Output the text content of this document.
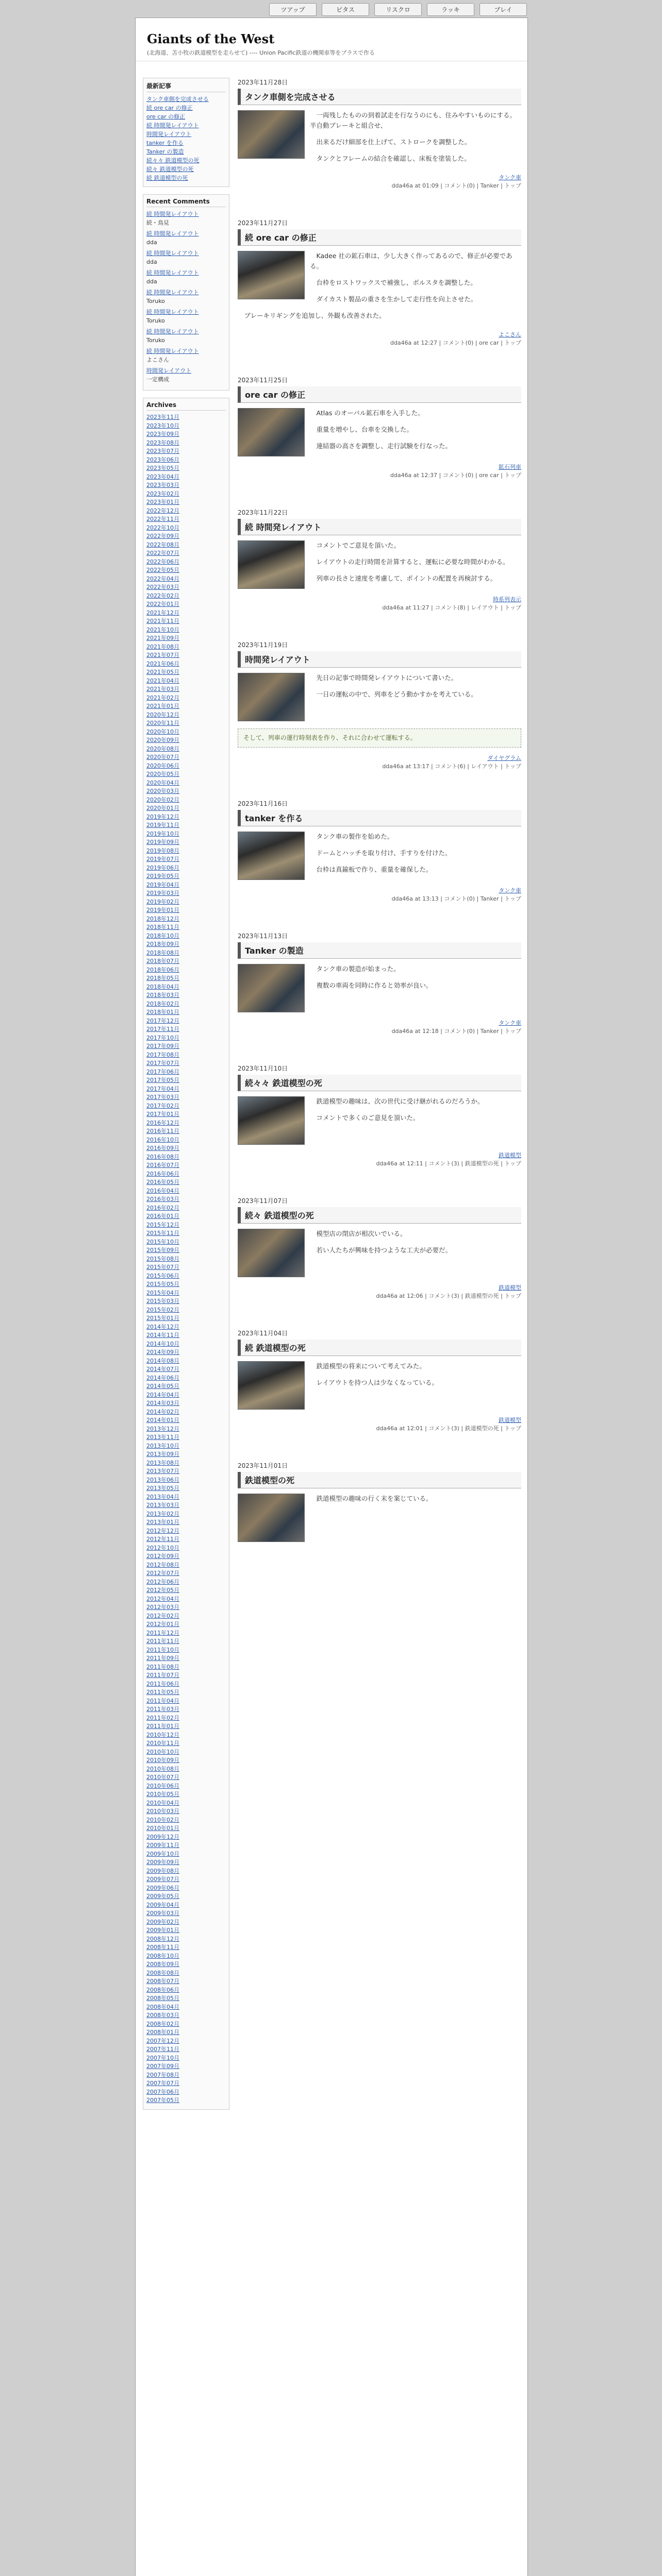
ツアップ	ピタス	リスクロ	ラッキ	ブレイ
Giants of the West
(北海道、苫小牧の鉄道模型を走らせて) ---- Union Pacific鉄道の機関車等をブラスで作る
最新記事
タンク車側を完成させる
続 ore car の修正
ore car の修正
続 時間発レイアウト
時間発レイアウト
tanker を作る
Tanker の製造
続々々 鉄道模型の死
続々 鉄道模型の死
続 鉄道模型の死
Recent Comments
続 時間発レイアウト
続・鳥見
続 時間発レイアウト
dda
続 時間発レイアウト
dda
続 時間発レイアウト
dda
続 時間発レイアウト
Toruko
続 時間発レイアウト
Toruko
続 時間発レイアウト
Toruko
続 時間発レイアウト
よこさん
時間発レイアウト
一定構成
Archives
2023年11月
2023年10月
2023年09月
2023年08月
2023年07月
2023年06月
2023年05月
2023年04月
2023年03月
2023年02月
2023年01月
2022年12月
2022年11月
2022年10月
2022年09月
2022年08月
2022年07月
2022年06月
2022年05月
2022年04月
2022年03月
2022年02月
2022年01月
2021年12月
2021年11月
2021年10月
2021年09月
2021年08月
2021年07月
2021年06月
2021年05月
2021年04月
2021年03月
2021年02月
2021年01月
2020年12月
2020年11月
2020年10月
2020年09月
2020年08月
2020年07月
2020年06月
2020年05月
2020年04月
2020年03月
2020年02月
2020年01月
2019年12月
2019年11月
2019年10月
2019年09月
2019年08月
2019年07月
2019年06月
2019年05月
2019年04月
2019年03月
2019年02月
2019年01月
2018年12月
2018年11月
2018年10月
2018年09月
2018年08月
2018年07月
2018年06月
2018年05月
2018年04月
2018年03月
2018年02月
2018年01月
2017年12月
2017年11月
2017年10月
2017年09月
2017年08月
2017年07月
2017年06月
2017年05月
2017年04月
2017年03月
2017年02月
2017年01月
2016年12月
2016年11月
2016年10月
2016年09月
2016年08月
2016年07月
2016年06月
2016年05月
2016年04月
2016年03月
2016年02月
2016年01月
2015年12月
2015年11月
2015年10月
2015年09月
2015年08月
2015年07月
2015年06月
2015年05月
2015年04月
2015年03月
2015年02月
2015年01月
2014年12月
2014年11月
2014年10月
2014年09月
2014年08月
2014年07月
2014年06月
2014年05月
2014年04月
2014年03月
2014年02月
2014年01月
2013年12月
2013年11月
2013年10月
2013年09月
2013年08月
2013年07月
2013年06月
2013年05月
2013年04月
2013年03月
2013年02月
2013年01月
2012年12月
2012年11月
2012年10月
2012年09月
2012年08月
2012年07月
2012年06月
2012年05月
2012年04月
2012年03月
2012年02月
2012年01月
2011年12月
2011年11月
2011年10月
2011年09月
2011年08月
2011年07月
2011年06月
2011年05月
2011年04月
2011年03月
2011年02月
2011年01月
2010年12月
2010年11月
2010年10月
2010年09月
2010年08月
2010年07月
2010年06月
2010年05月
2010年04月
2010年03月
2010年02月
2010年01月
2009年12月
2009年11月
2009年10月
2009年09月
2009年08月
2009年07月
2009年06月
2009年05月
2009年04月
2009年03月
2009年02月
2009年01月
2008年12月
2008年11月
2008年10月
2008年09月
2008年08月
2008年07月
2008年06月
2008年05月
2008年04月
2008年03月
2008年02月
2008年01月
2007年12月
2007年11月
2007年10月
2007年09月
2007年08月
2007年07月
2007年06月
2007年05月
2023年11月28日
タンク車側を完成させる

一両残したものの到着試走を行なうのにも、住みやすいものにする。半自動ブレーキと組合せ、

出来るだけ細部を仕上げて、ストロークを調整した。

タンクとフレームの結合を確認し、床板を塗装した。

タンク車
dda46a at 01:09 | コメント(0) | Tanker | トップ
2023年11月27日
続 ore car の修正

Kadee 社の鉱石車は、少し大きく作ってあるので、修正が必要である。

台枠をロストワックスで補強し、ボルスタを調整した。

ダイカスト製品の重さを生かして走行性を向上させた。

ブレーキリギングを追加し、外観も改善された。

よこさん
dda46a at 12:27 | コメント(0) | ore car | トップ
2023年11月25日
ore car の修正

Atlas のオーバル鉱石車を入手した。

重量を増やし、台車を交換した。

連結器の高さを調整し、走行試験を行なった。

鉱石列車
dda46a at 12:37 | コメント(0) | ore car | トップ
2023年11月22日
続 時間発レイアウト

コメントでご意見を頂いた。

レイアウトの走行時間を計算すると、運転に必要な時間がわかる。

列車の長さと速度を考慮して、ポイントの配置を再検討する。

時系列表示
dda46a at 11:27 | コメント(8) | レイアウト | トップ
2023年11月19日
時間発レイアウト

先日の記事で時間発レイアウトについて書いた。

一日の運転の中で、列車をどう動かすかを考えている。

そして、列車の運行時刻表を作り、それに合わせて運転する。
ダイヤグラム
dda46a at 13:17 | コメント(6) | レイアウト | トップ
2023年11月16日
tanker を作る

タンク車の製作を始めた。

ドームとハッチを取り付け、手すりを付けた。

台枠は真鍮板で作り、重量を確保した。

タンク車
dda46a at 13:13 | コメント(0) | Tanker | トップ
2023年11月13日
Tanker の製造

タンク車の製造が始まった。

複数の車両を同時に作ると効率が良い。

タンク車
dda46a at 12:18 | コメント(0) | Tanker | トップ
2023年11月10日
続々々 鉄道模型の死

鉄道模型の趣味は、次の世代に受け継がれるのだろうか。

コメントで多くのご意見を頂いた。

鉄道模型
dda46a at 12:11 | コメント(3) | 鉄道模型の死 | トップ
2023年11月07日
続々 鉄道模型の死

模型店の閉店が相次いでいる。

若い人たちが興味を持つような工夫が必要だ。

鉄道模型
dda46a at 12:06 | コメント(3) | 鉄道模型の死 | トップ
2023年11月04日
続 鉄道模型の死

鉄道模型の将来について考えてみた。

レイアウトを持つ人は少なくなっている。

鉄道模型
dda46a at 12:01 | コメント(3) | 鉄道模型の死 | トップ
2023年11月01日
鉄道模型の死

鉄道模型の趣味の行く末を案じている。
